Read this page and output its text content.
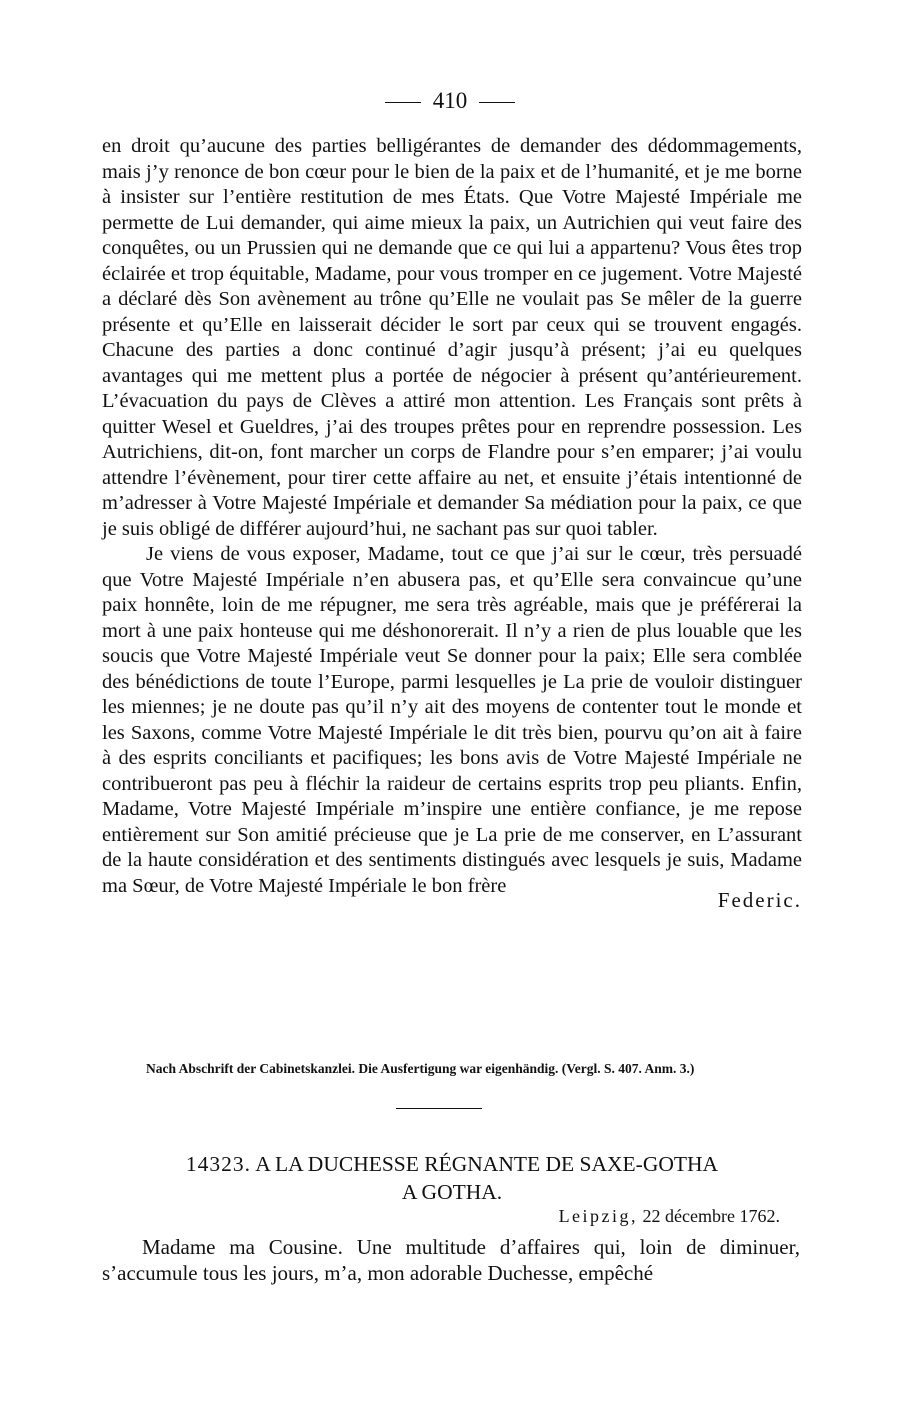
410

en droit qu’aucune des parties belligérantes de demander des dédommagements, mais j’y renonce de bon cœur pour le bien de la paix et de l’humanité, et je me borne à insister sur l’entière restitution de mes États. Que Votre Majesté Impériale me permette de Lui demander, qui aime mieux la paix, un Autrichien qui veut faire des conquêtes, ou un Prussien qui ne demande que ce qui lui a appartenu? Vous êtes trop éclairée et trop équitable, Madame, pour vous tromper en ce jugement. Votre Majesté a déclaré dès Son avènement au trône qu’Elle ne voulait pas Se mêler de la guerre présente et qu’Elle en laisserait décider le sort par ceux qui se trouvent engagés. Chacune des parties a donc continué d’agir jusqu’à présent; j’ai eu quelques avantages qui me mettent plus a portée de négocier à présent qu’antérieurement. L’évacuation du pays de Clèves a attiré mon attention. Les Français sont prêts à quitter Wesel et Gueldres, j’ai des troupes prêtes pour en reprendre possession. Les Autrichiens, dit-on, font marcher un corps de Flandre pour s’en emparer; j’ai voulu attendre l’évènement, pour tirer cette affaire au net, et ensuite j’étais intentionné de m’adresser à Votre Majesté Impériale et demander Sa médiation pour la paix, ce que je suis obligé de différer aujourd’hui, ne sachant pas sur quoi tabler.

Je viens de vous exposer, Madame, tout ce que j’ai sur le cœur, très persuadé que Votre Majesté Impériale n’en abusera pas, et qu’Elle sera convaincue qu’une paix honnête, loin de me répugner, me sera très agréable, mais que je préférerai la mort à une paix honteuse qui me déshonorerait. Il n’y a rien de plus louable que les soucis que Votre Majesté Impériale veut Se donner pour la paix; Elle sera comblée des bénédictions de toute l’Europe, parmi lesquelles je La prie de vouloir distinguer les miennes; je ne doute pas qu’il n’y ait des moyens de contenter tout le monde et les Saxons, comme Votre Majesté Impériale le dit très bien, pourvu qu’on ait à faire à des esprits conciliants et pacifiques; les bons avis de Votre Majesté Impériale ne contribueront pas peu à fléchir la raideur de certains esprits trop peu pliants. Enfin, Madame, Votre Majesté Impériale m’inspire une entière confiance, je me repose entièrement sur Son amitié précieuse que je La prie de me conserver, en L’assurant de la haute considération et des sentiments distingués avec lesquels je suis, Madame ma Sœur, de Votre Majesté Impériale le bon frère

Federic.
Nach Abschrift der Cabinetskanzlei. Die Ausfertigung war eigenhändig. (Vergl. S. 407. Anm. 3.)
14323. A LA DUCHESSE RÉGNANTE DE SAXE-GOTHA
A GOTHA.
Leipzig, 22 décembre 1762.
Madame ma Cousine. Une multitude d’affaires qui, loin de diminuer, s’accumule tous les jours, m’a, mon adorable Duchesse, empêché
